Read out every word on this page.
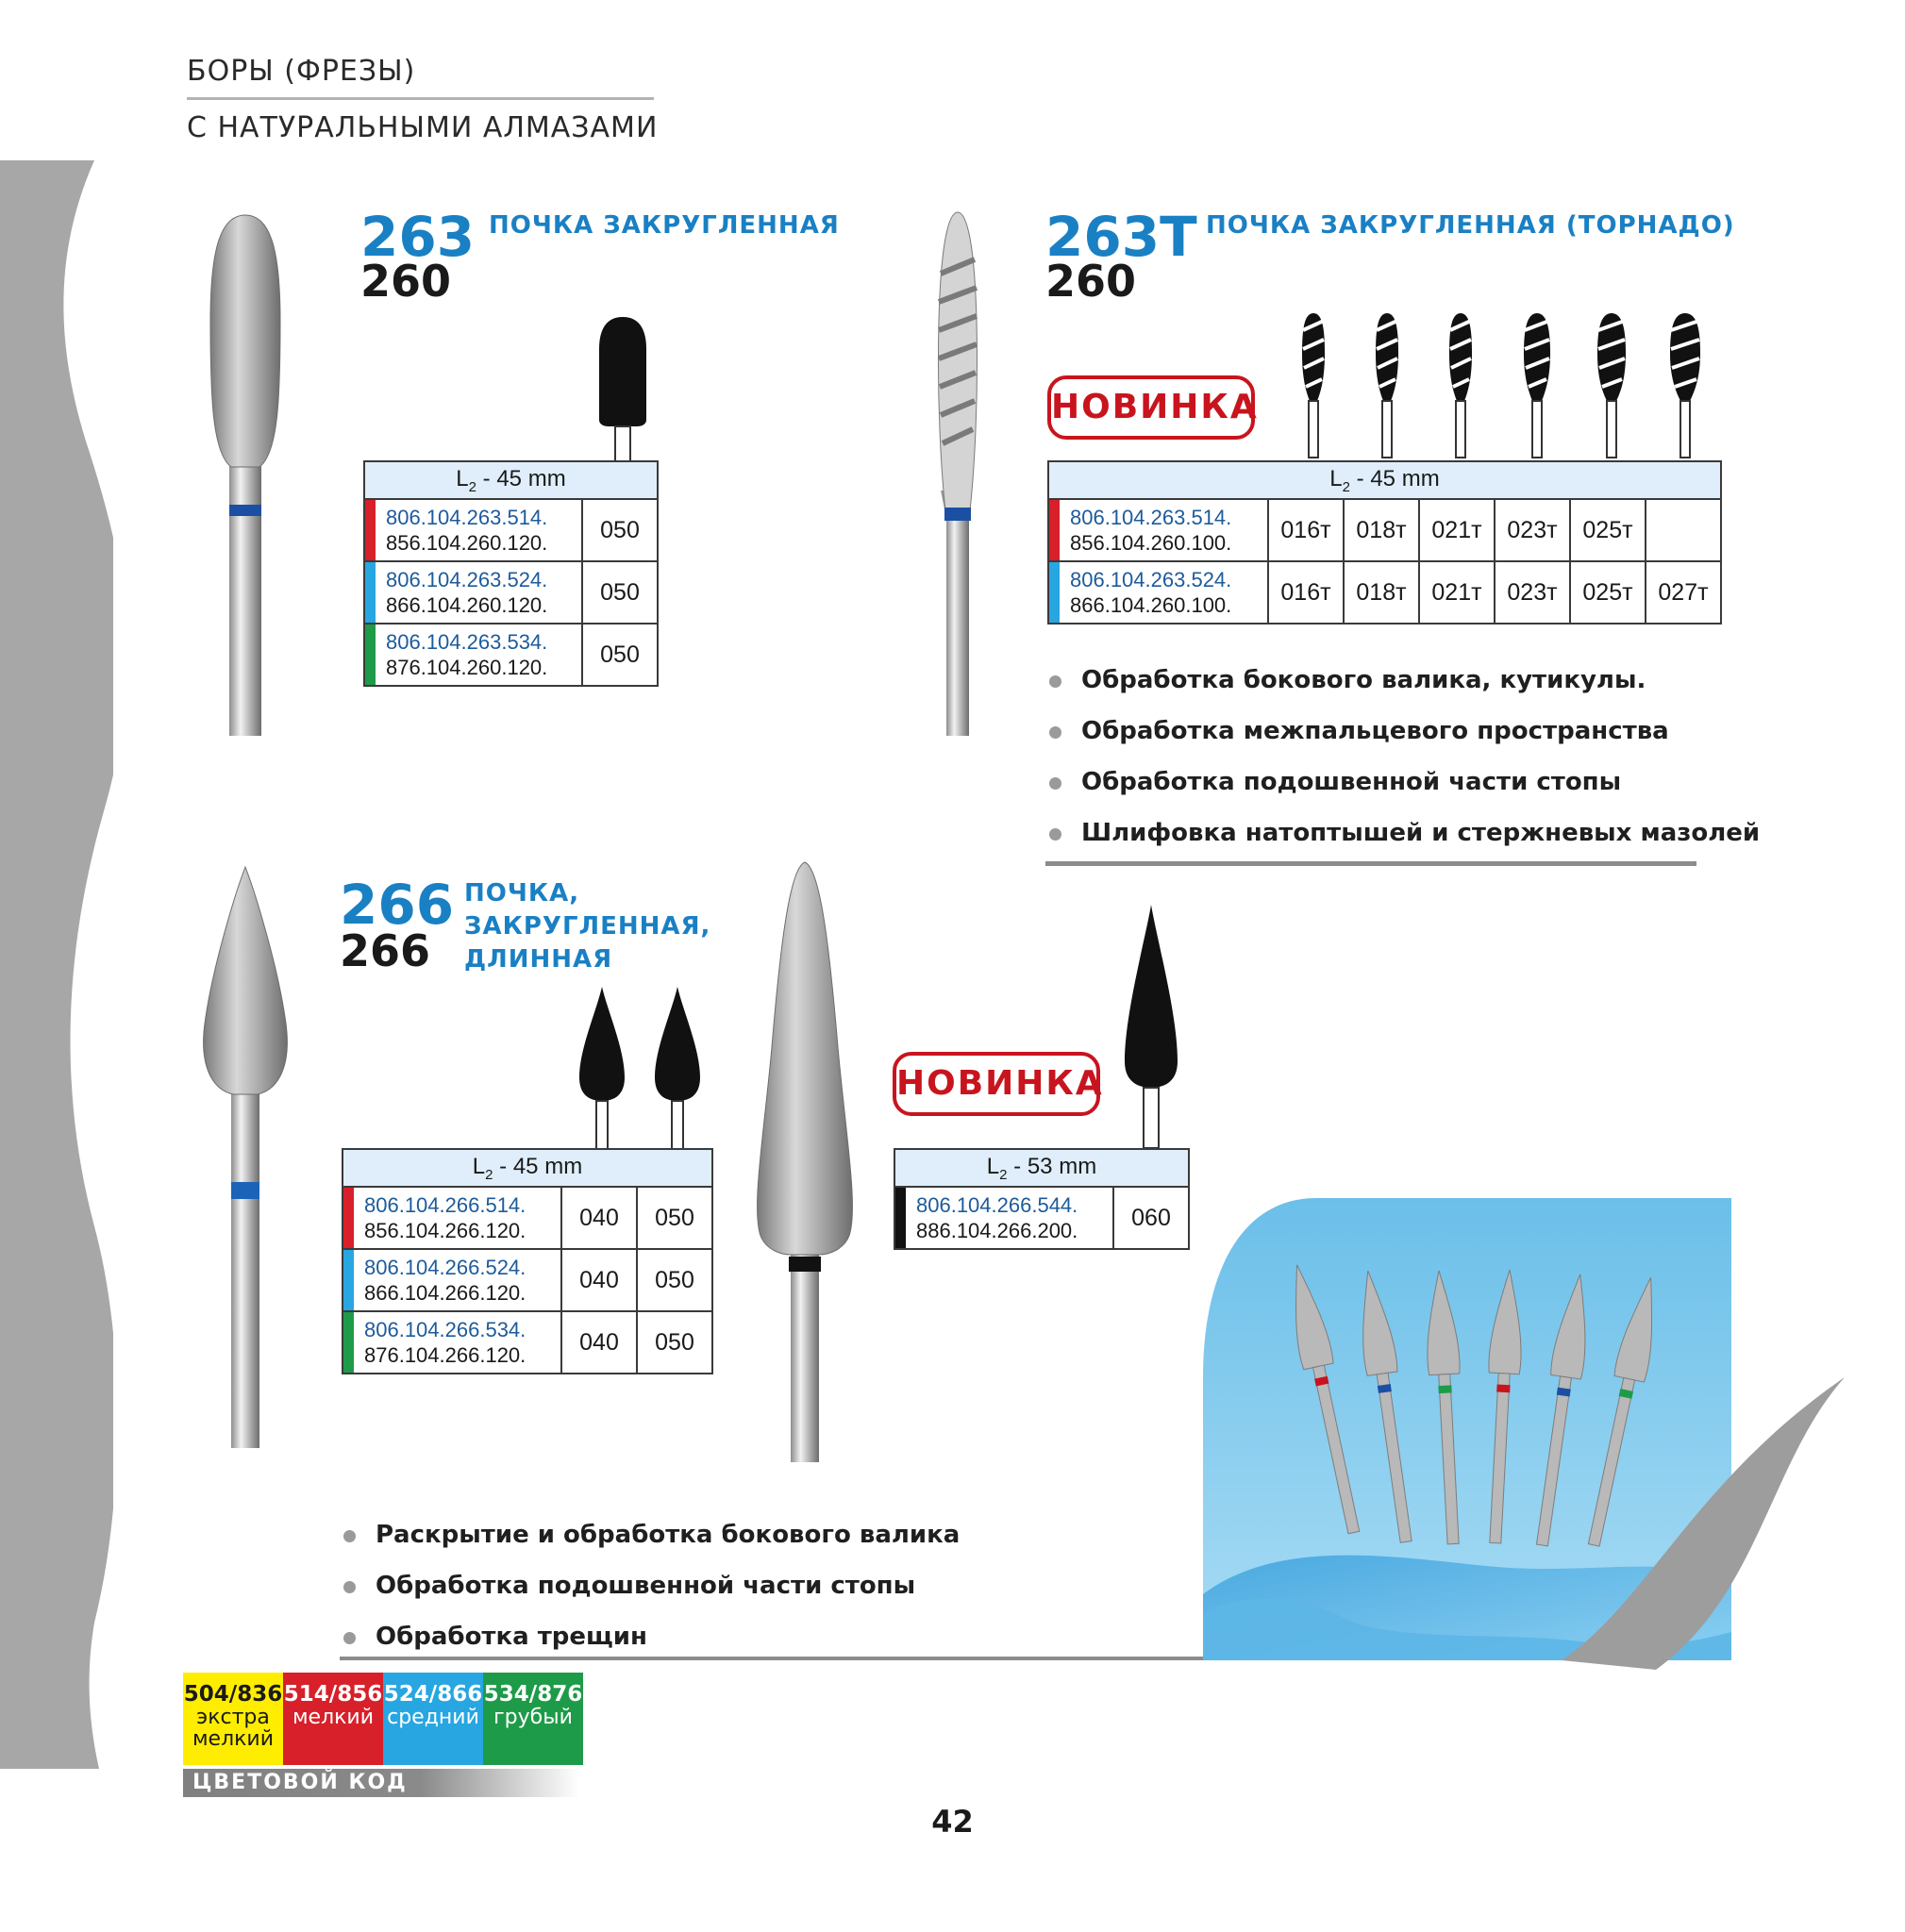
БОРЫ (ФРЕЗЫ)
С НАТУРАЛЬНЫМИ АЛМАЗАМИ
263
260
ПОЧКА ЗАКРУГЛЕННАЯ
$L_2 - 45$ mm	

806.104.263.514.
856.104.260.120.	050

806.104.263.524.
866.104.260.120.	050

806.104.263.534.
876.104.260.120.	050
263T
260
ПОЧКА ЗАКРУГЛЕННАЯ (ТОРНАДО)
НОВИНКА
$L_2 - 45$ mm						

806.104.263.514.
856.104.260.100.	016т	018т	021т	023т	025т	

806.104.263.524.
866.104.260.100.	016т	018т	021т	023т	025т	027т
Обработка бокового валика, кутикулы.
Обработка межпальцевого пространства
Обработка подошвенной части стопы
Шлифовка натоптышей и стержневых мазолей
266
266
ПОЧКА,
ЗАКРУГЛЕННАЯ,
ДЛИННАЯ
$L_2 - 45$ mm		

806.104.266.514.
856.104.266.120.	040	050

806.104.266.524.
866.104.266.120.	040	050

806.104.266.534.
876.104.266.120.	040	050
НОВИНКА
$L_2 - 53$ mm

806.104.266.544.
886.104.266.200.	060
Раскрытие и обработка бокового валика
Обработка подошвенной части стопы
Обработка трещин
504/836
экстра
мелкий
514/856
мелкий
524/866
средний
534/876
грубый
ЦВЕТОВОЙ КОД
42
